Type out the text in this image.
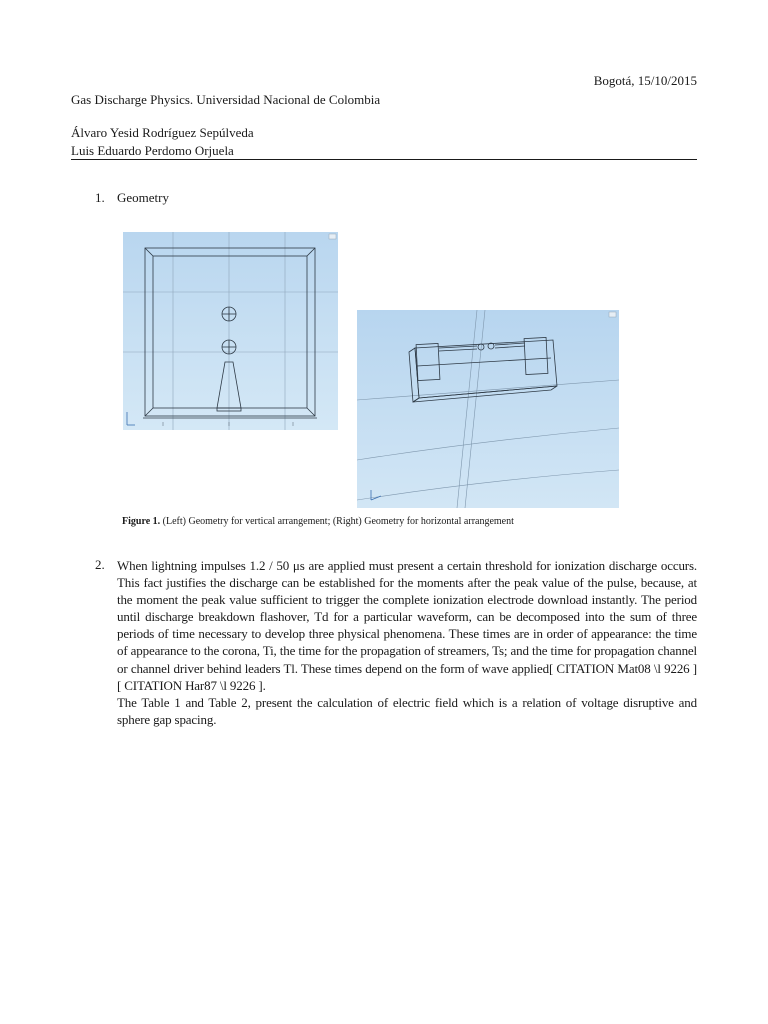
Bogotá, 15/10/2015
Gas Discharge Physics. Universidad Nacional de Colombia
Álvaro Yesid Rodríguez Sepúlveda
Luis Eduardo Perdomo Orjuela
1. Geometry
Figure 1. (Left) Geometry for vertical arrangement; (Right) Geometry for horizontal arrangement
2. When lightning impulses 1.2 / 50 μs are applied must present a certain threshold for ionization discharge occurs. This fact justifies the discharge can be established for the moments after the peak value of the pulse, because, at the moment the peak value sufficient to trigger the complete ionization electrode download instantly. The period until discharge breakdown flashover, Td for a particular waveform, can be decomposed into the sum of three periods of time necessary to develop three physical phenomena. These times are in order of appearance: the time of appearance to the corona, Ti, the time for the propagation of streamers, Ts; and the time for propagation channel or channel driver behind leaders Tl. These times depend on the form of wave applied[ CITATION Mat08 \l 9226 ][ CITATION Har87 \l 9226 ].

The Table 1 and Table 2, present the calculation of electric field which is a relation of voltage disruptive and sphere gap spacing.
